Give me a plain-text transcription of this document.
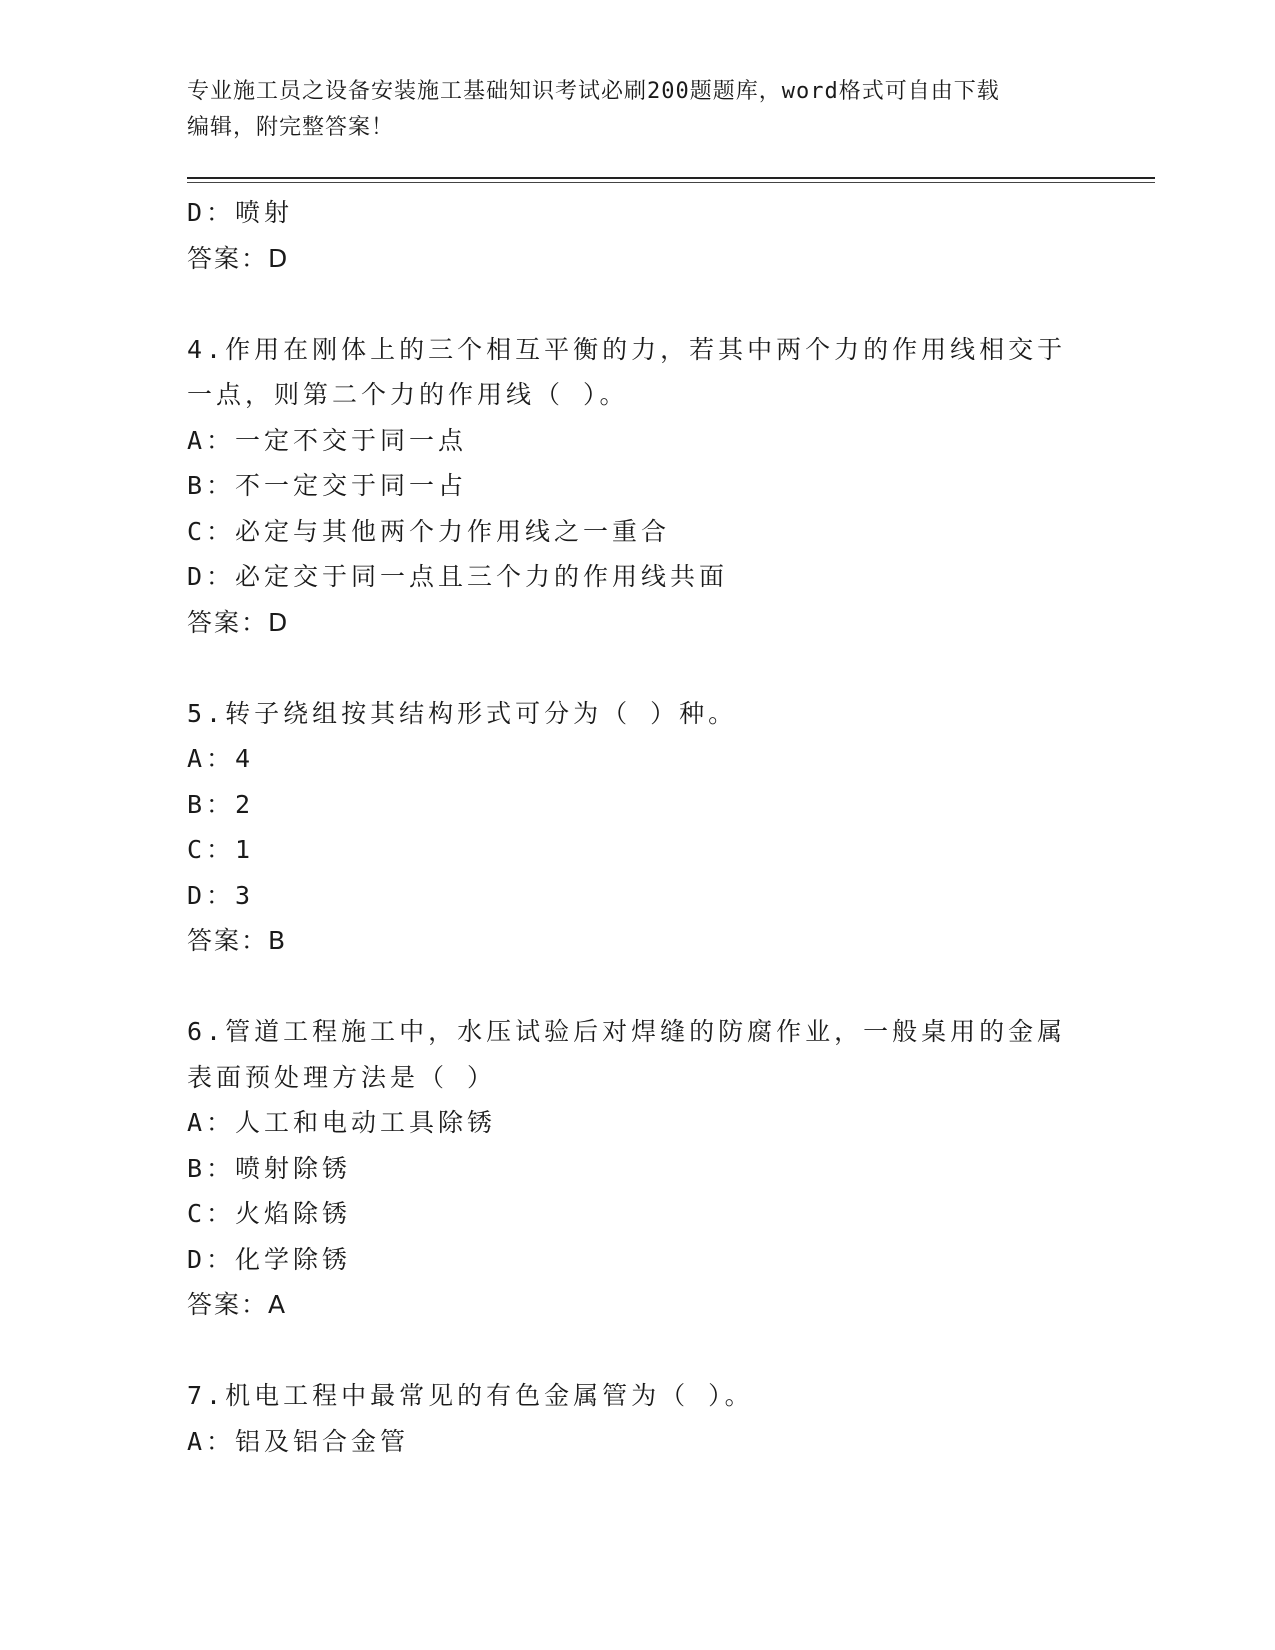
专业施工员之设备安装施工基础知识考试必刷200题题库，word格式可自由下载
编辑，附完整答案！
D：喷射
答案：D
4.作用在刚体上的三个相互平衡的力，若其中两个力的作用线相交于
一点，则第二个力的作用线（ ）。
A：一定不交于同一点
B：不一定交于同一占
C：必定与其他两个力作用线之一重合
D：必定交于同一点且三个力的作用线共面
答案：D
5.转子绕组按其结构形式可分为（ ）种。
A：4
B：2
C：1
D：3
答案：B
6.管道工程施工中，水压试验后对焊缝的防腐作业，一般桌用的金属
表面预处理方法是（ ）
A：人工和电动工具除锈
B：喷射除锈
C：火焰除锈
D：化学除锈
答案：A
7.机电工程中最常见的有色金属管为（ ）。
A：铝及铝合金管
